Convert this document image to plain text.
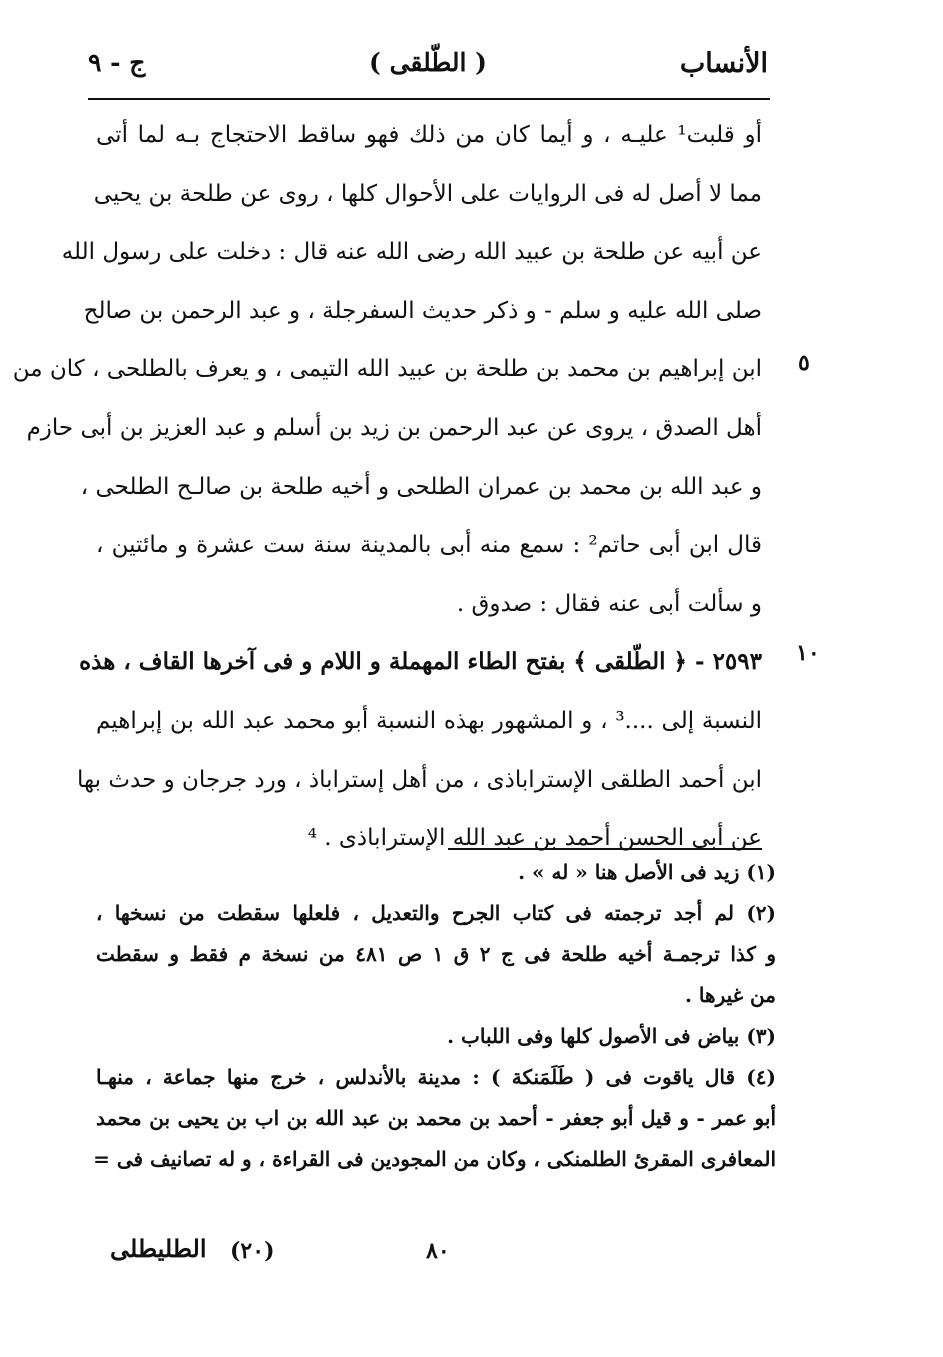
الأنساب
( الطّلقى )
ج - ٩
٥
١٠
أو قلبت¹ عليـه ، و أيما كان من ذلك فهو ساقط الاحتجاج بـه لما أتى
مما لا أصل له فى الروايات على الأحوال كلها ، روى عن طلحة بن يحيى
عن أبيه عن طلحة بن عبيد الله رضى الله عنه قال : دخلت على رسول الله
صلى الله عليه و سلم - و ذكر حديث السفرجلة ، و عبد الرحمن بن صالح
ابن إبراهيم بن محمد بن طلحة بن عبيد الله التيمى ، و يعرف بالطلحى ، كان من
أهل الصدق ، يروى عن عبد الرحمن بن زيد بن أسلم و عبد العزيز بن أبى حازم
و عبد الله بن محمد بن عمران الطلحى و أخيه طلحة بن صالـح الطلحى ،
قال ابن أبى حاتم² : سمع منه أبى بالمدينة سنة ست عشرة و مائتين ،
و سألت أبى عنه فقال : صدوق .
٢٥٩٣ - ﴿ الطّلقى ﴾ بفتح الطاء المهملة و اللام و فى آخرها القاف ، هذه
النسبة إلى ....³ ، و المشهور بهذه النسبة أبو محمد عبد الله بن إبراهيم
ابن أحمد الطلقى الإستراباذى ، من أهل إستراباذ ، ورد جرجان و حدث بها
عن أبى الحسن أحمد بن عبد الله الإستراباذى . ⁴
(١) زيد فى الأصل هنا « له » .
(٢) لم أجد ترجمته فى كتاب الجرح والتعديل ، فلعلها سقطت من نسخها ،
و كذا ترجمـة أخيه طلحة فى ج ٢ ق ١ ص ٤٨١ من نسخة م فقط و سقطت
من غيرها .
(٣) بياض فى الأصول كلها وفى اللباب .
(٤) قال ياقوت فى ( طَلَمَنكة ) : مدينة بالأندلس ، خرج منها جماعة ، منهـا
أبو عمر - و قيل أبو جعفر - أحمد بن محمد بن عبد الله بن اب بن يحيى بن محمد
المعافرى المقرئ الطلمنكى ، وكان من المجودين فى القراءة ، و له تصانيف فى =
الطليطلى (٢٠)	٨٠
